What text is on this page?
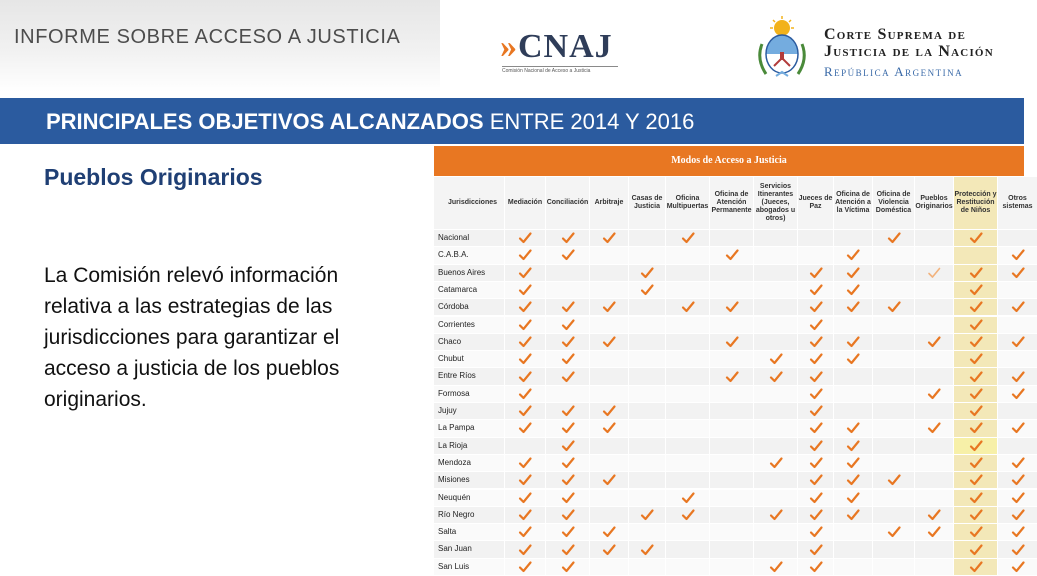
INFORME SOBRE ACCESO A JUSTICIA	»CNAJ
Comisión Nacional de Acceso a Justicia
Corte Suprema de
Justicia de la Nación
República Argentina
PRINCIPALES OBJETIVOS ALCANZADOS ENTRE 2014 Y 2016
Pueblos Originarios
La Comisión relevó información relativa a las estrategias de las jurisdicciones para garantizar el acceso a justicia de los pueblos originarios.
Modos de Acceso a Justicia
Jurisdicciones	Mediación Conciliación Arbitraje
Casas de Justicia
Oficina Multipuertas
Oficina de Atención Permanente
Servicios Itinerantes (Jueces, abogados u otros)
Jueces de Paz
Oficina de Atención a la Víctima
Oficina de Violencia Doméstica
Pueblos Originarios
Protección y Restitución de Niños
Otros sistemas
Nacional
C.A.B.A.
Buenos Aires
Catamarca
Córdoba
Corrientes
Chaco
Chubut
Entre Ríos
Formosa
Jujuy
La Pampa
La Rioja
Mendoza
Misiones
Neuquén
Río Negro
Salta
San Juan
San Luis
